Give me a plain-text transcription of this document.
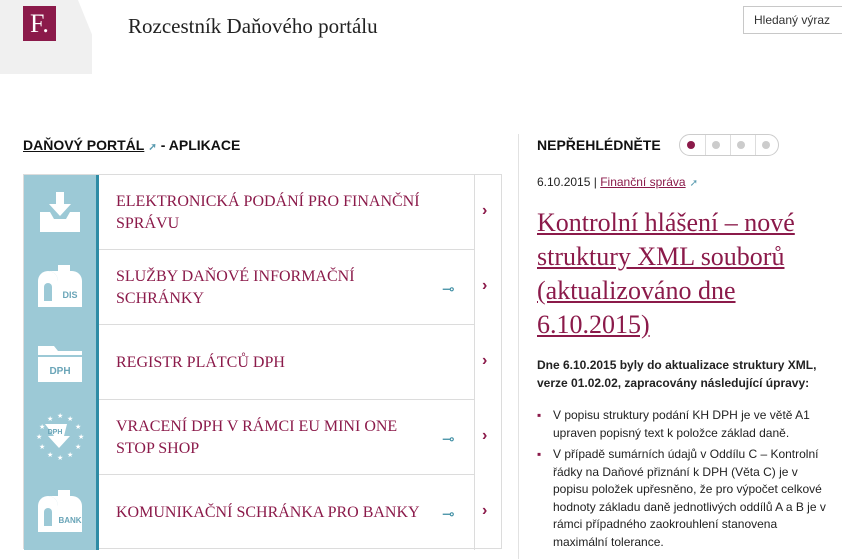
F.	Rozcestník Daňového portálu	Hledaný výraz
DAŇOVÝ PORTÁL ➚ - APLIKACE
ELEKTRONICKÁ PODÁNÍ PRO FINANČNÍ SPRÁVU
›
DIS
SLUŽBY DAŇOVÉ INFORMAČNÍ SCHRÁNKY	⊸ ›
DPH
REGISTR PLÁTCŮ DPH	›
★ ★
★
★
★
★
★
★
★
★
★
★
DPH	VRACENÍ DPH V RÁMCI EU MINI ONE STOP SHOP	⊸ ›
BANK KOMUNIKAČNÍ SCHRÁNKA PRO BANKY	⊸ ›
NEPŘEHLÉDNĚTE
6.10.2015 | Finanční správa ➚
Kontrolní hlášení – nové struktury XML souborů (aktualizováno dne 6.10.2015)
Dne 6.10.2015 byly do aktualizace struktury XML, verze 01.02.02, zapracovány následující úpravy:
▪ V popisu struktury podání KH DPH je ve větě A1 upraven popisný text k položce základ daně.
▪ V případě sumárních údajů v Oddílu C – Kontrolní řádky na Daňové přiznání k DPH (Věta C) je v popisu položek upřesněno, že pro výpočet celkové hodnoty základu daně jednotlivých oddílů A a B je v rámci případného zaokrouhlení stanovena maximální tolerance.
